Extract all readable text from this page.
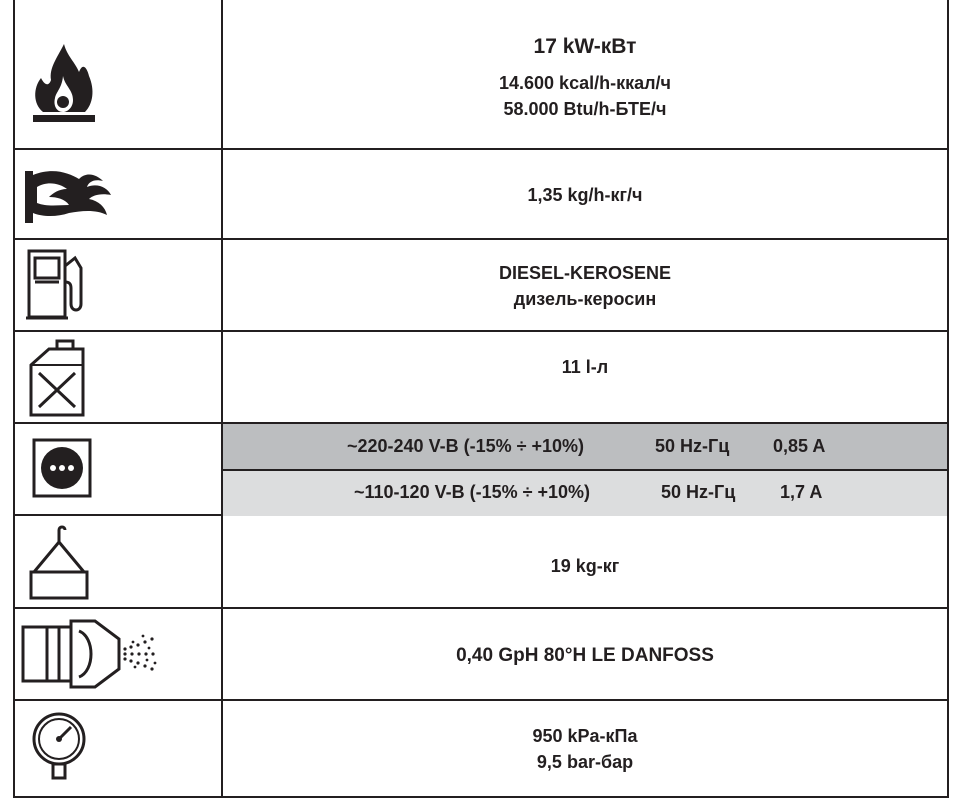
17 kW-кВт
14.600 kcal/h-ккал/ч
58.000 Btu/h-БТЕ/ч
1,35 kg/h-кг/ч
DIESEL-KEROSENE
дизель-керосин
11 l-л
~220-240 V-В (-15% ÷ +10%)	50 Hz-Гц 0,85 A
~110-120 V-В (-15% ÷ +10%)	50 Hz-Гц 1,7 A
19 kg-кг
0,40 GpH 80°H LE DANFOSS
950 kPa-кПа
9,5 bar-бар
